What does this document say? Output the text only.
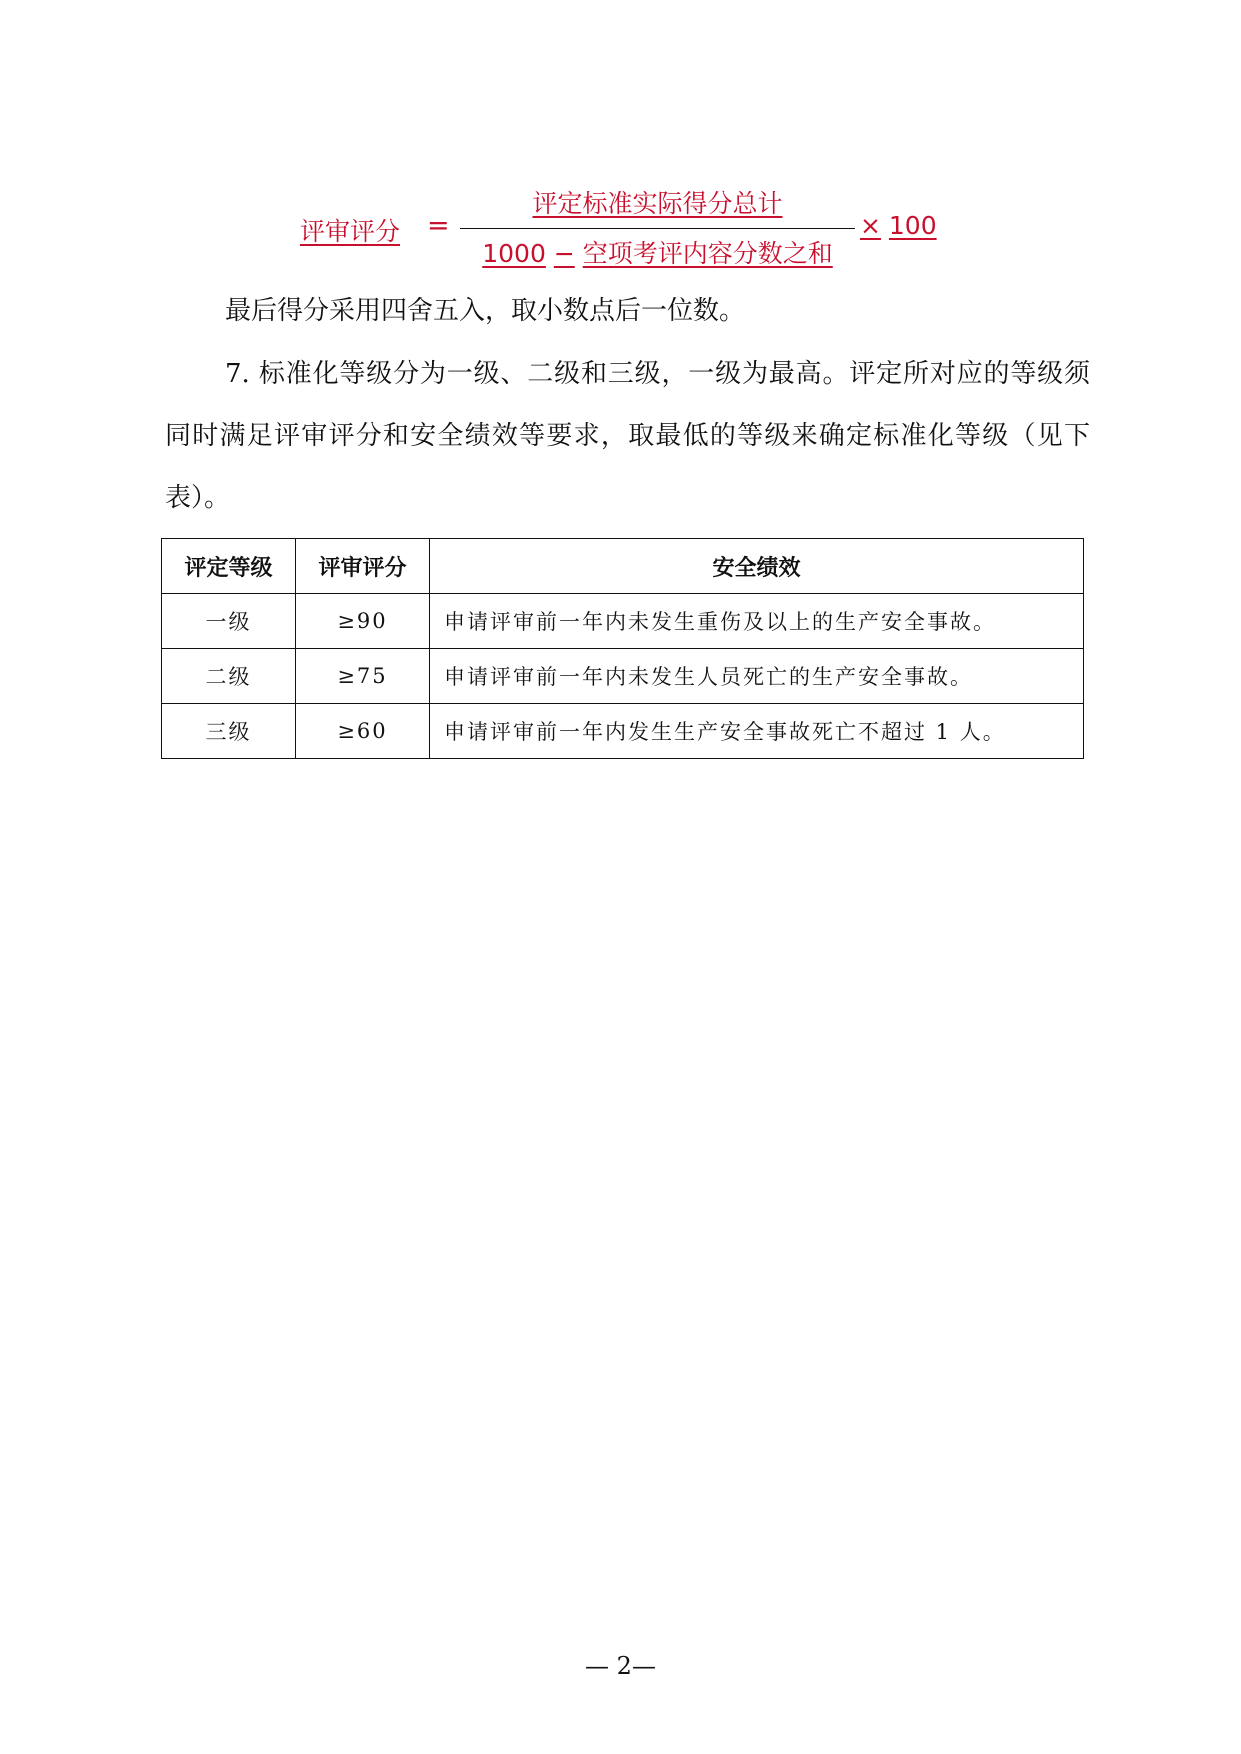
评审评分 =
评定标准实际得分总计
1000 − 空项考评内容分数之和
× 100
最后得分采用四舍五入，取小数点后一位数。
7. 标准化等级分为一级、二级和三级，一级为最高。评定所对应的等级须同时满足评审评分和安全绩效等要求，取最低的等级来确定标准化等级（见下表）。
评定等级	评审评分	安全绩效
一级	≥90	申请评审前一年内未发生重伤及以上的生产安全事故。
二级	≥75	申请评审前一年内未发生人员死亡的生产安全事故。
三级	≥60	申请评审前一年内发生生产安全事故死亡不超过 1 人。
— 2—
